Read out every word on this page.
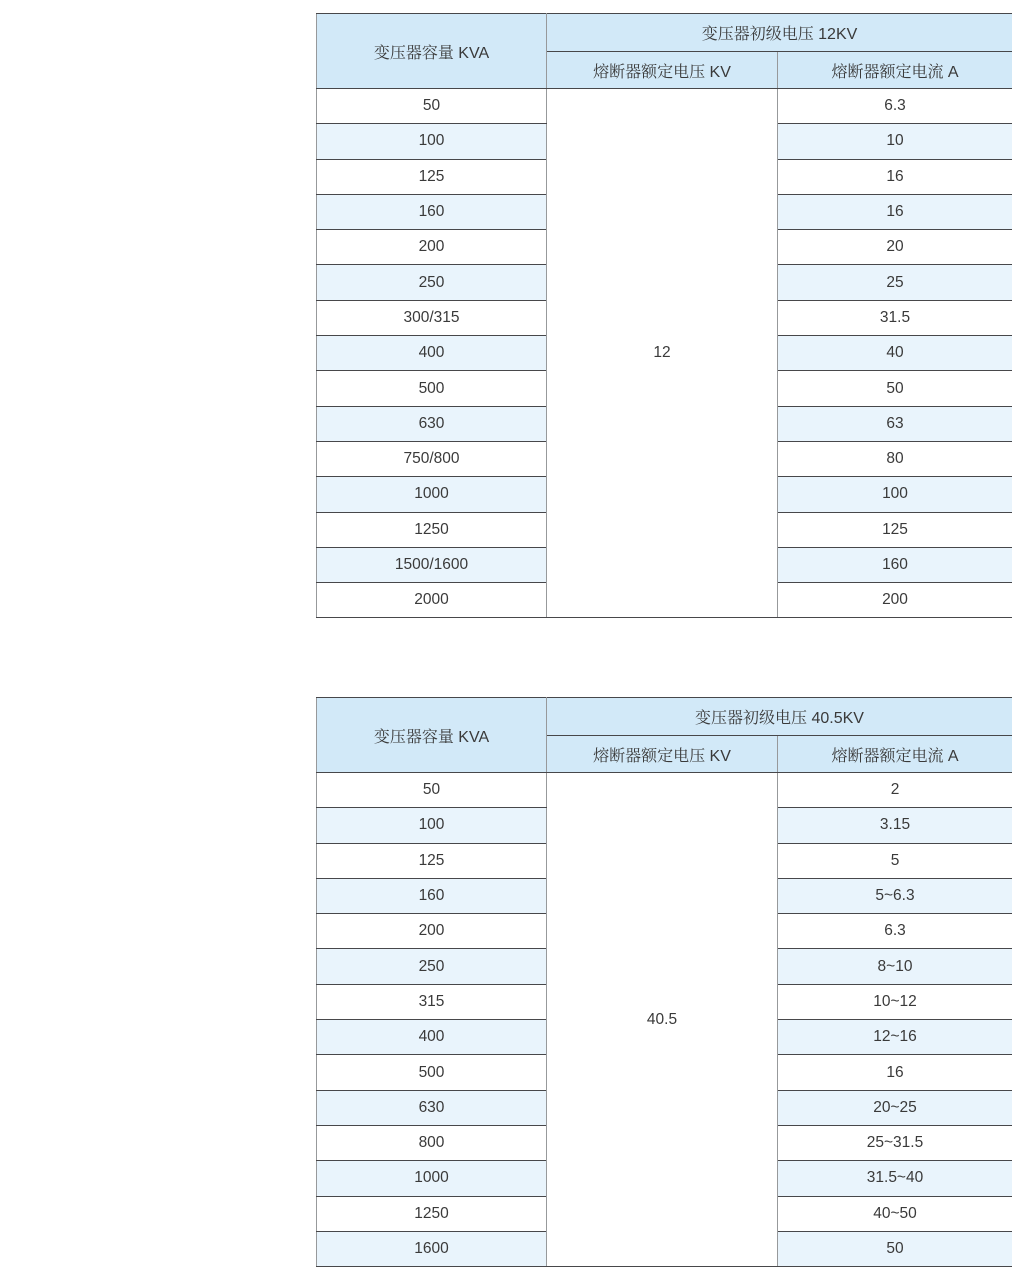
变压器容量 KVA	变压器初级电压 12KV	
	熔断器额定电压 KV	熔断器额定电流 A
50	12	6.3
100		10
125		16
160		16
200		20
250		25
300/315		31.5
400		40
500		50
630		63
750/800		80
1000		100
1250		125
1500/1600		160
2000		200
变压器容量 KVA	变压器初级电压 40.5KV	
	熔断器额定电压 KV	熔断器额定电流 A
50	40.5	2
100		3.15
125		5
160		5~6.3
200		6.3
250		8~10
315		10~12
400		12~16
500		16
630		20~25
800		25~31.5
1000		31.5~40
1250		40~50
1600		50
